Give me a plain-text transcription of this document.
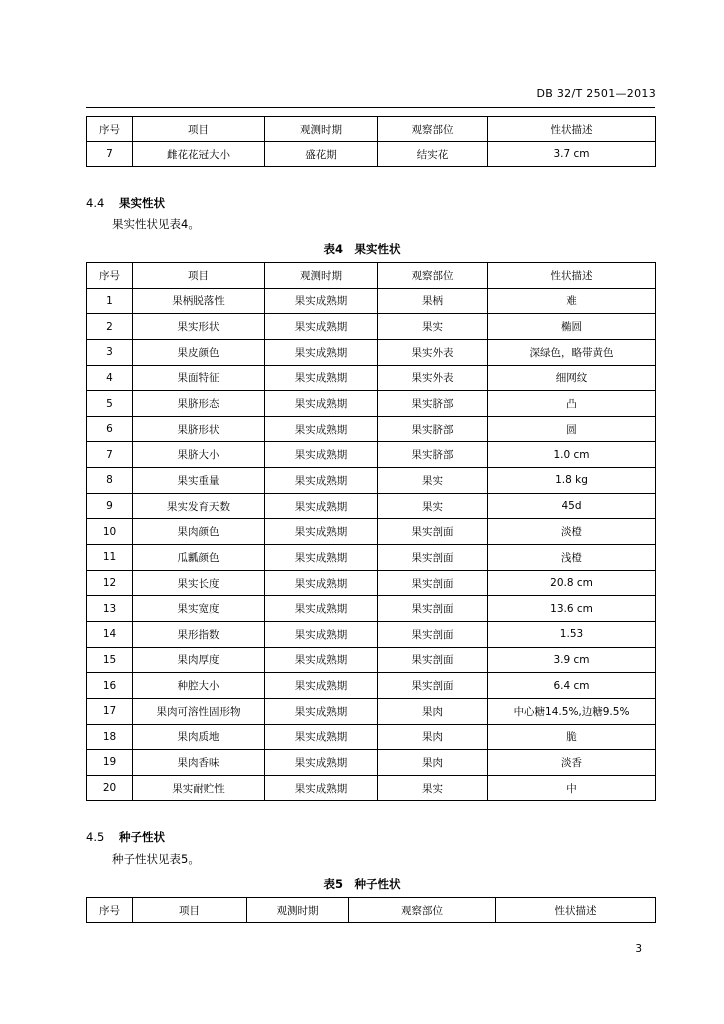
DB 32/T 2501—2013
序号	项目	观测时期	观察部位	性状描述
7	雌花花冠大小	盛花期	结实花	3.7 cm
4.4 果实性状
果实性状见表4。
表4　果实性状
序号	项目	观测时期	观察部位	性状描述
1	果柄脱落性	果实成熟期	果柄	难
2	果实形状	果实成熟期	果实	椭圆
3	果皮颜色	果实成熟期	果实外表	深绿色，略带黄色
4	果面特征	果实成熟期	果实外表	细网纹
5	果脐形态	果实成熟期	果实脐部	凸
6	果脐形状	果实成熟期	果实脐部	圆
7	果脐大小	果实成熟期	果实脐部	1.0 cm
8	果实重量	果实成熟期	果实	1.8 kg
9	果实发育天数	果实成熟期	果实	45d
10	果肉颜色	果实成熟期	果实剖面	淡橙
11	瓜瓤颜色	果实成熟期	果实剖面	浅橙
12	果实长度	果实成熟期	果实剖面	20.8 cm
13	果实宽度	果实成熟期	果实剖面	13.6 cm
14	果形指数	果实成熟期	果实剖面	1.53
15	果肉厚度	果实成熟期	果实剖面	3.9 cm
16	种腔大小	果实成熟期	果实剖面	6.4 cm
17	果肉可溶性固形物	果实成熟期	果肉	中心糖14.5%,边糖9.5%
18	果肉质地	果实成熟期	果肉	脆
19	果肉香味	果实成熟期	果肉	淡香
20	果实耐贮性	果实成熟期	果实	中
4.5 种子性状
种子性状见表5。
表5　种子性状
序号	项目	观测时期	观察部位	性状描述
3
